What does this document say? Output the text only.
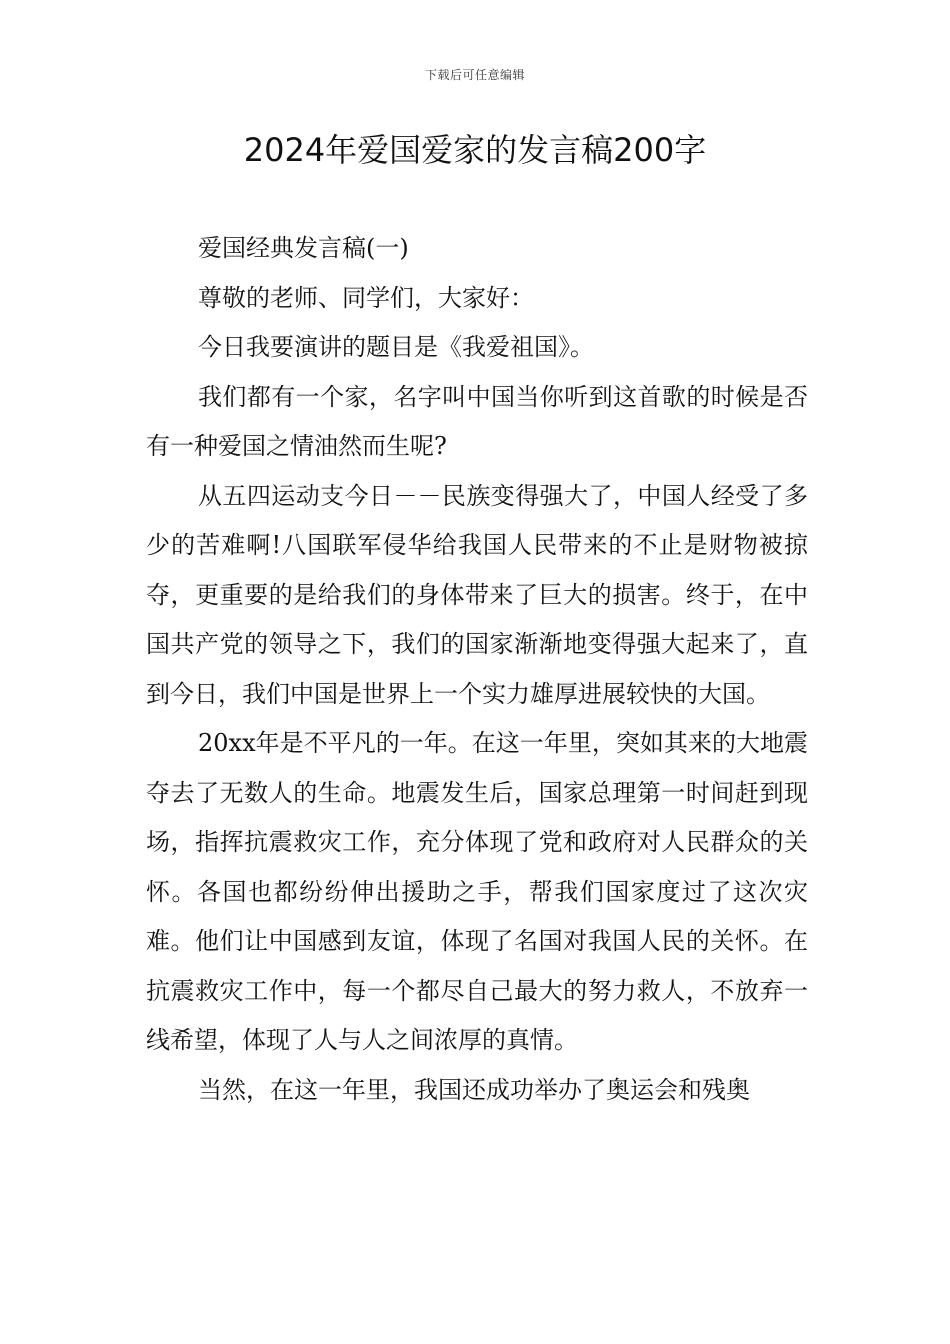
下载后可任意编辑
2024年爱国爱家的发言稿200字

爱国经典发言稿(一)

尊敬的老师、同学们，大家好：

今日我要演讲的题目是《我爱祖国》。

我们都有一个家，名字叫中国当你听到这首歌的时候是否有一种爱国之情油然而生呢?

从五四运动支今日－－民族变得强大了，中国人经受了多少的苦难啊!八国联军侵华给我国人民带来的不止是财物被掠夺，更重要的是给我们的身体带来了巨大的损害。终于，在中国共产党的领导之下，我们的国家渐渐地变得强大起来了，直到今日，我们中国是世界上一个实力雄厚进展较快的大国。

20xx年是不平凡的一年。在这一年里，突如其来的大地震夺去了无数人的生命。地震发生后，国家总理第一时间赶到现场，指挥抗震救灾工作，充分体现了党和政府对人民群众的关怀。各国也都纷纷伸出援助之手，帮我们国家度过了这次灾难。他们让中国感到友谊，体现了名国对我国人民的关怀。在抗震救灾工作中，每一个都尽自己最大的努力救人，不放弃一线希望，体现了人与人之间浓厚的真情。

当然，在这一年里，我国还成功举办了奥运会和残奥
